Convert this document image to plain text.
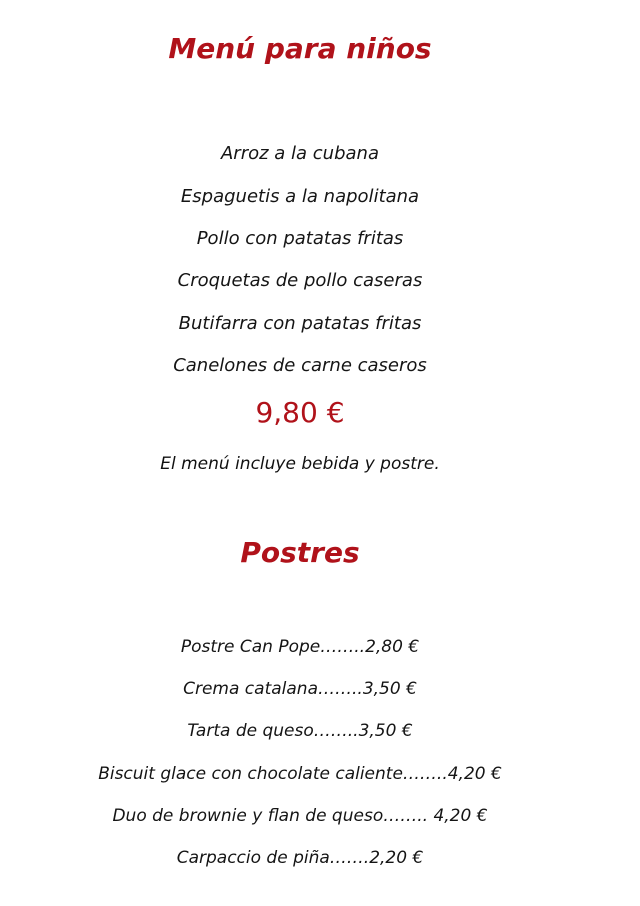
Menú para niños
Arroz a la cubana
Espaguetis a la napolitana
Pollo con patatas fritas
Croquetas de pollo caseras
Butifarra con patatas fritas
Canelones de carne caseros
9,80 €
El menú incluye bebida y postre.
Postres
Postre Can Pope……..2,80 €
Crema catalana……..3,50 €
Tarta de queso……..3,50 €
Biscuit glace con chocolate caliente……..4,20 €
Duo de brownie y flan de queso…….. 4,20 €
Carpaccio de piña…….2,20 €
